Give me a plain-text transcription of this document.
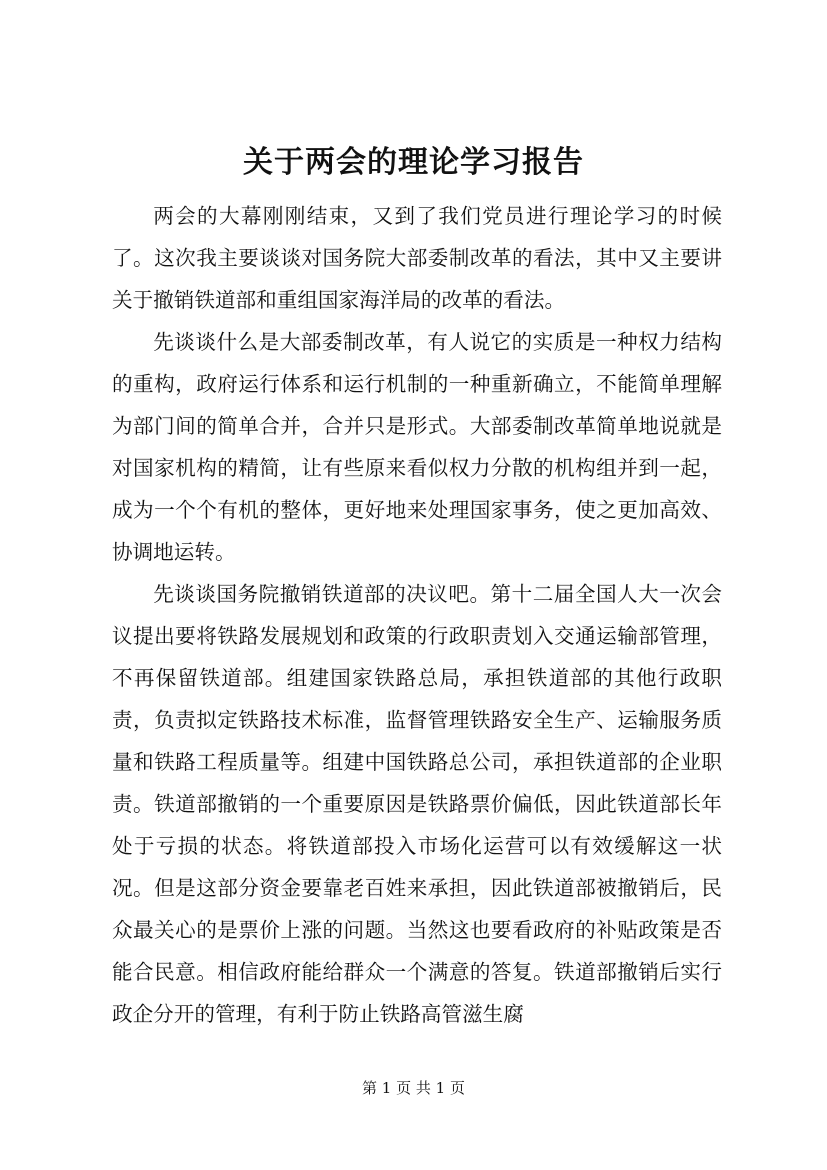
关于两会的理论学习报告

两会的大幕刚刚结束，又到了我们党员进行理论学习的时候了。这次我主要谈谈对国务院大部委制改革的看法，其中又主要讲关于撤销铁道部和重组国家海洋局的改革的看法。

先谈谈什么是大部委制改革，有人说它的实质是一种权力结构的重构，政府运行体系和运行机制的一种重新确立，不能简单理解为部门间的简单合并，合并只是形式。大部委制改革简单地说就是对国家机构的精简，让有些原来看似权力分散的机构组并到一起，成为一个个有机的整体，更好地来处理国家事务，使之更加高效、协调地运转。

先谈谈国务院撤销铁道部的决议吧。第十二届全国人大一次会议提出要将铁路发展规划和政策的行政职责划入交通运输部管理，不再保留铁道部。组建国家铁路总局，承担铁道部的其他行政职责，负责拟定铁路技术标准，监督管理铁路安全生产、运输服务质量和铁路工程质量等。组建中国铁路总公司，承担铁道部的企业职责。铁道部撤销的一个重要原因是铁路票价偏低，因此铁道部长年处于亏损的状态。将铁道部投入市场化运营可以有效缓解这一状况。但是这部分资金要靠老百姓来承担，因此铁道部被撤销后，民众最关心的是票价上涨的问题。当然这也要看政府的补贴政策是否能合民意。相信政府能给群众一个满意的答复。铁道部撤销后实行政企分开的管理，有利于防止铁路高管滋生腐

第 1 页 共 1 页
